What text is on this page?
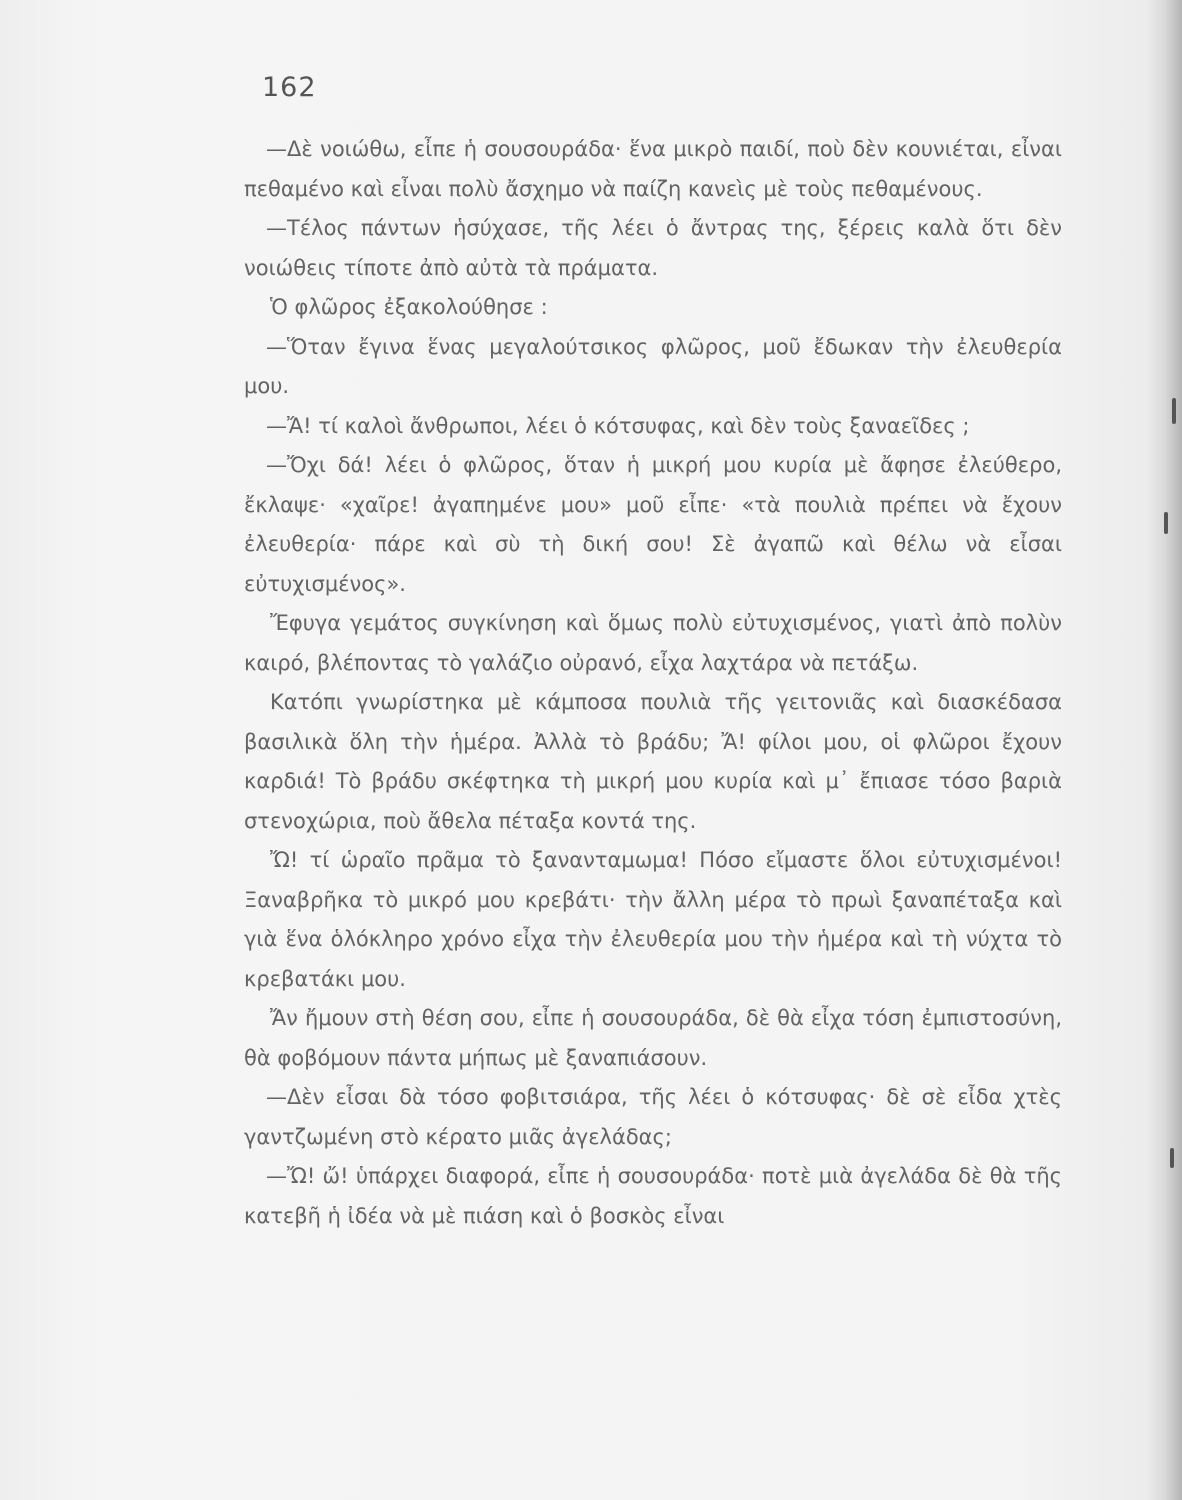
162

—Δὲ νοιώθω, εἶπε ἡ σουσουράδα· ἕνα μικρὸ παιδί, ποὺ δὲν κουνιέται, εἶναι πεθαμένο καὶ εἶναι πολὺ ἄσχημο νὰ παίζη κανεὶς μὲ τοὺς πεθαμένους.

—Τέλος πάντων ἡσύχασε, τῆς λέει ὁ ἄντρας της, ξέρεις καλὰ ὅτι δὲν νοιώθεις τίποτε ἀπὸ αὐτὰ τὰ πράματα.

Ὁ φλῶρος ἐξακολούθησε :

—Ὅταν ἔγινα ἕνας μεγαλούτσικος φλῶρος, μοῦ ἔδωκαν τὴν ἐλευθερία μου.

—Ἄ! τί καλοὶ ἄνθρωποι, λέει ὁ κότσυφας, καὶ δὲν τοὺς ξαναεῖδες ;

—Ὄχι δά! λέει ὁ φλῶρος, ὅταν ἡ μικρή μου κυρία μὲ ἄφησε ἐλεύθερο, ἔκλαψε· «χαῖρε! ἀγαπημένε μου» μοῦ εἶπε· «τὰ πουλιὰ πρέπει νὰ ἔχουν ἐλευθερία· πάρε καὶ σὺ τὴ δική σου! Σὲ ἀγαπῶ καὶ θέλω νὰ εἶσαι εὐτυχισμένος».

Ἔφυγα γεμάτος συγκίνηση καὶ ὅμως πολὺ εὐτυχισμένος, γιατὶ ἀπὸ πολὺν καιρό, βλέποντας τὸ γαλάζιο οὐρανό, εἶχα λαχτάρα νὰ πετάξω.

Κατόπι γνωρίστηκα μὲ κάμποσα πουλιὰ τῆς γειτονιᾶς καὶ διασκέδασα βασιλικὰ ὅλη τὴν ἡμέρα. Ἀλλὰ τὸ βράδυ; Ἄ! φίλοι μου, οἱ φλῶροι ἔχουν καρδιά! Τὸ βράδυ σκέφτηκα τὴ μικρή μου κυρία καὶ μ᾿ ἔπιασε τόσο βαριὰ στενοχώρια, ποὺ ἄθελα πέταξα κοντά της.

Ὤ! τί ὡραῖο πρᾶμα τὸ ξανανταμωμα! Πόσο εἴμαστε ὅλοι εὐτυχισμένοι! Ξαναβρῆκα τὸ μικρό μου κρεβάτι· τὴν ἄλλη μέρα τὸ πρωὶ ξαναπέταξα καὶ γιὰ ἕνα ὁλόκληρο χρόνο εἶχα τὴν ἐλευθερία μου τὴν ἡμέρα καὶ τὴ νύχτα τὸ κρεβατάκι μου.

Ἄν ἤμουν στὴ θέση σου, εἶπε ἡ σουσουράδα, δὲ θὰ εἶχα τόση ἐμπιστοσύνη, θὰ φοβόμουν πάντα μήπως μὲ ξαναπιάσουν.

—Δὲν εἶσαι δὰ τόσο φοβιτσιάρα, τῆς λέει ὁ κότσυφας· δὲ σὲ εἶδα χτὲς γαντζωμένη στὸ κέρατο μιᾶς ἀγελάδας;

—Ὤ! ὤ! ὑπάρχει διαφορά, εἶπε ἡ σουσουράδα· ποτὲ μιὰ ἀγελάδα δὲ θὰ τῆς κατεβῆ ἡ ἰδέα νὰ μὲ πιάση καὶ ὁ βοσκὸς εἶναι
